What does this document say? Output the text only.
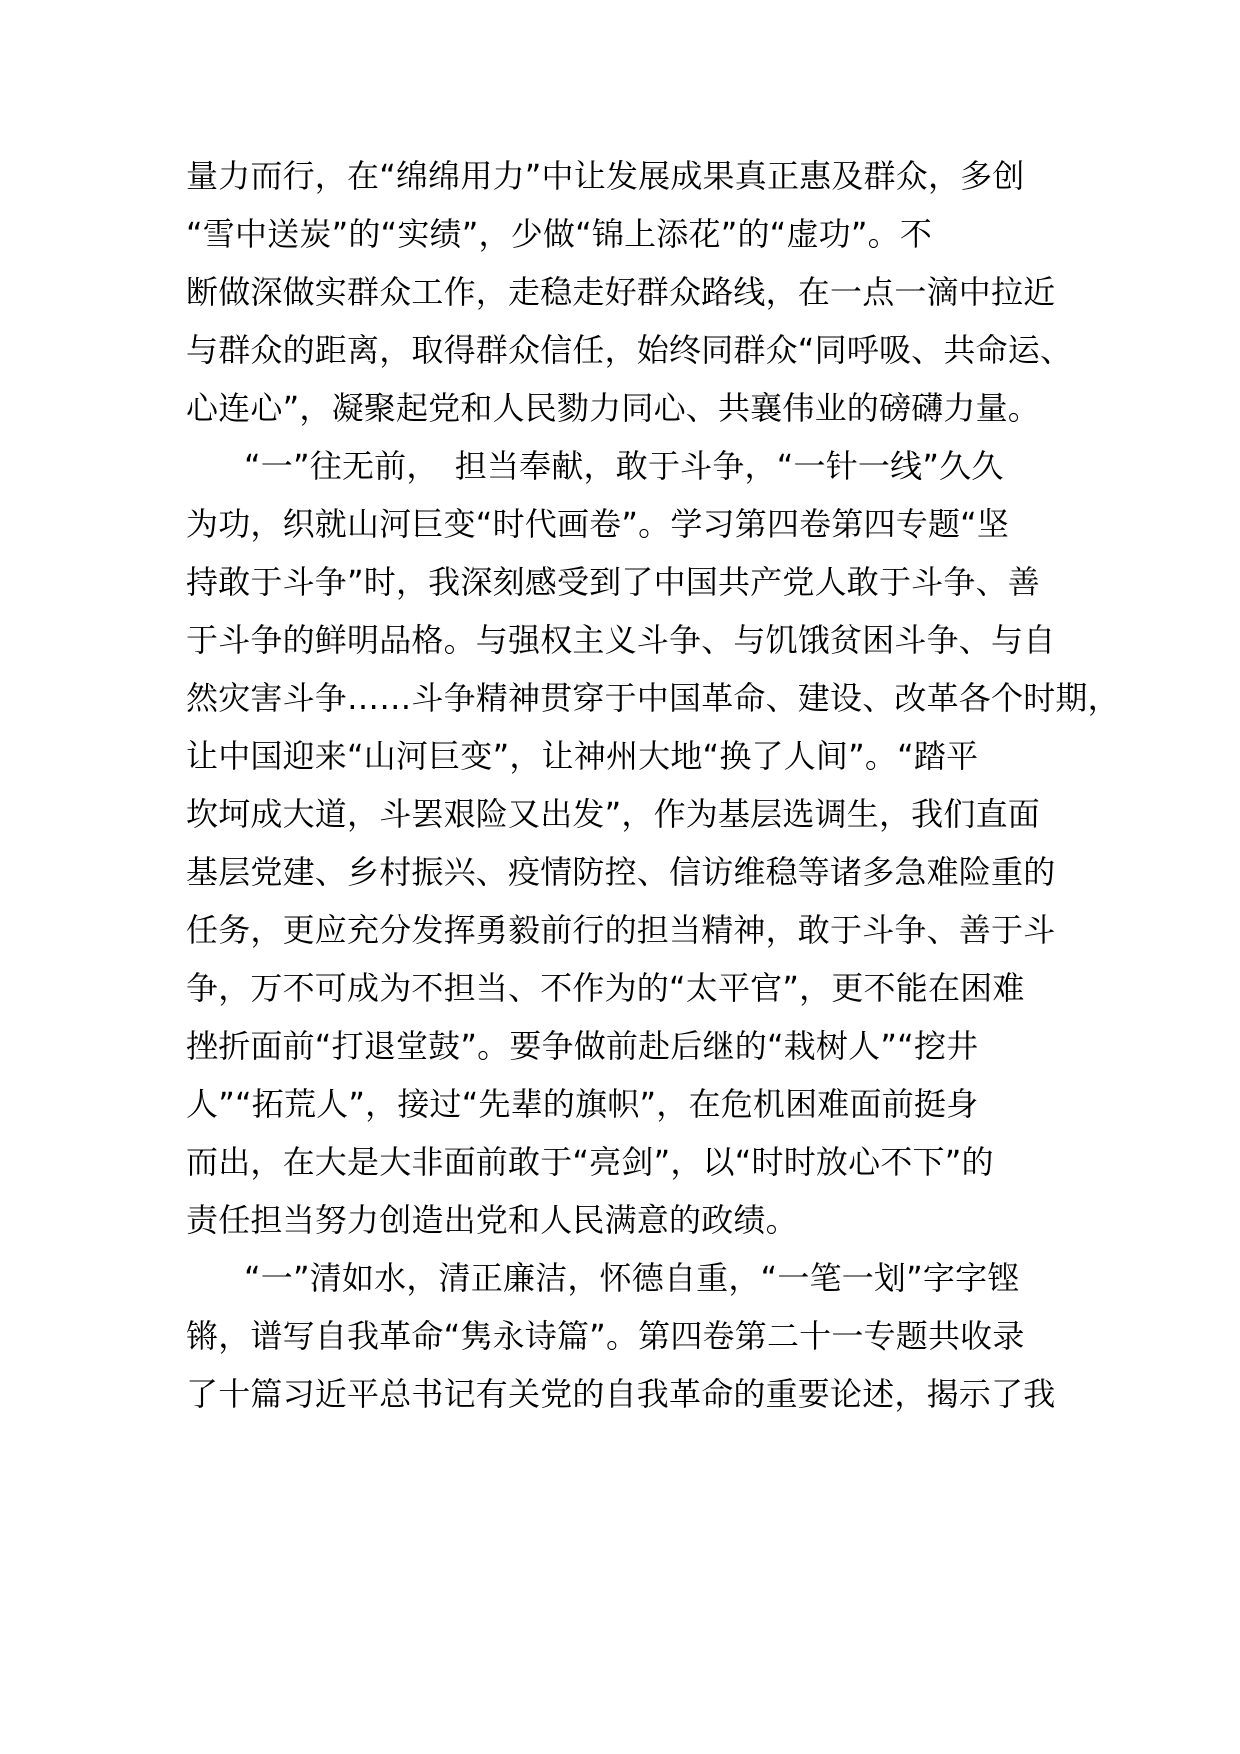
量力而行，在“绵绵用力”中让发展成果真正惠及群众，多创

“雪中送炭”的“实绩”，少做“锦上添花”的“虚功”。不

断做深做实群众工作，走稳走好群众路线，在一点一滴中拉近

与群众的距离，取得群众信任，始终同群众“同呼吸、共命运、

心连心”，凝聚起党和人民勠力同心、共襄伟业的磅礴力量。

“一”往无前，　担当奉献，敢于斗争，“一针一线”久久

为功，织就山河巨变“时代画卷”。学习第四卷第四专题“坚

持敢于斗争”时，我深刻感受到了中国共产党人敢于斗争、善

于斗争的鲜明品格。与强权主义斗争、与饥饿贫困斗争、与自

然灾害斗争……斗争精神贯穿于中国革命、建设、改革各个时期，

让中国迎来“山河巨变”，让神州大地“换了人间”。“踏平

坎坷成大道，斗罢艰险又出发”，作为基层选调生，我们直面

基层党建、乡村振兴、疫情防控、信访维稳等诸多急难险重的

任务，更应充分发挥勇毅前行的担当精神，敢于斗争、善于斗

争，万不可成为不担当、不作为的“太平官”，更不能在困难

挫折面前“打退堂鼓”。要争做前赴后继的“栽树人”“挖井

人”“拓荒人”，接过“先辈的旗帜”，在危机困难面前挺身

而出，在大是大非面前敢于“亮剑”，以“时时放心不下”的

责任担当努力创造出党和人民满意的政绩。

“一”清如水，清正廉洁，怀德自重，“一笔一划”字字铿

锵，谱写自我革命“隽永诗篇”。第四卷第二十一专题共收录

了十篇习近平总书记有关党的自我革命的重要论述，揭示了我
